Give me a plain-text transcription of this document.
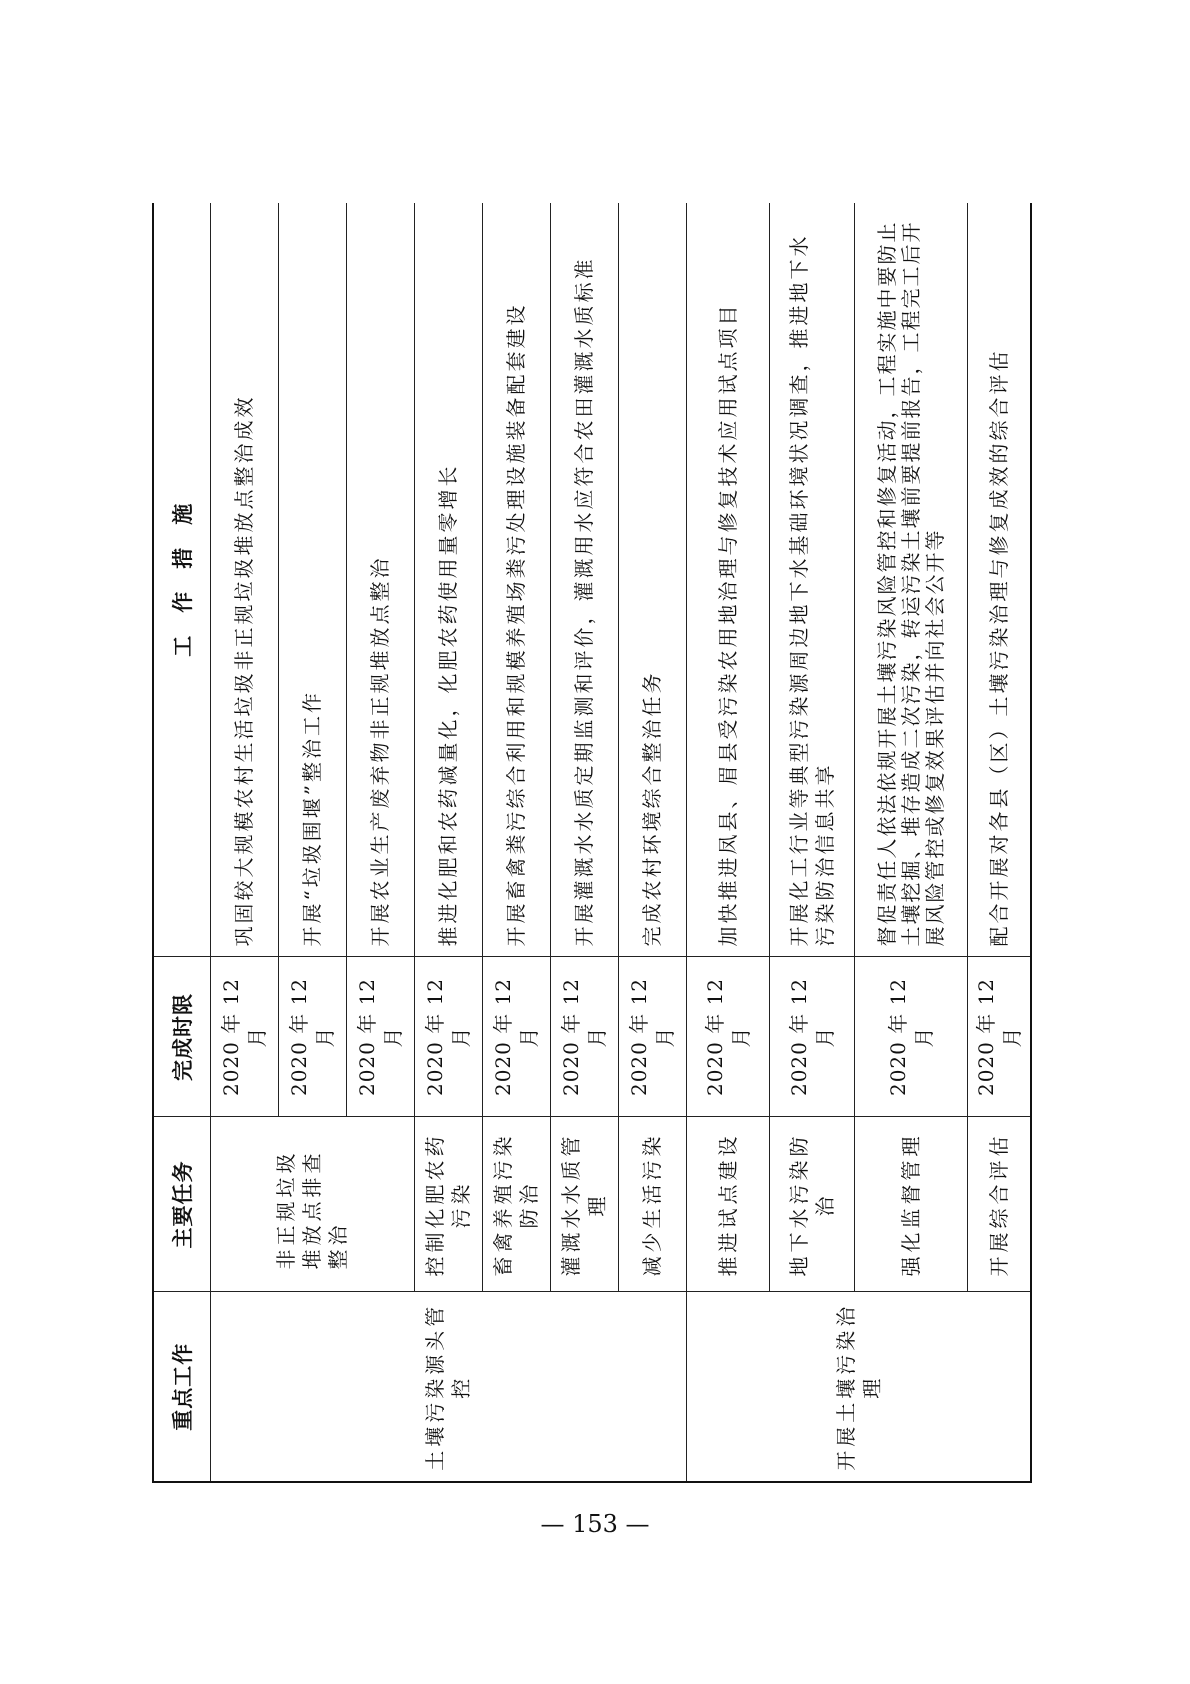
重点工作	主要任务	完成时限	工　作　措　施
土壤污染源头管控	非正规垃圾堆放点排查整治	2020 年 12 月	巩固较大规模农村生活垃圾非正规垃圾堆放点整治成效
		2020 年 12 月	开展“垃圾围堰”整治工作
		2020 年 12 月	开展农业生产废弃物非正规堆放点整治
	控制化肥农药污染	2020 年 12 月	推进化肥和农药减量化，化肥农药使用量零增长
	畜禽养殖污染防治	2020 年 12 月	开展畜禽粪污综合利用和规模养殖场粪污处理设施装备配套建设
	灌溉水水质管理	2020 年 12 月	开展灌溉水水质定期监测和评价，灌溉用水应符合农田灌溉水质标准
	减少生活污染	2020 年 12 月	完成农村环境综合整治任务
开展土壤污染治理	推进试点建设	2020 年 12 月	加快推进凤县、眉县受污染农用地治理与修复技术应用试点项目
	地下水污染防治	2020 年 12 月	开展化工行业等典型污染源周边地下水基础环境状况调查，推进地下水污染防治信息共享
	强化监督管理	2020 年 12 月	督促责任人依法依规开展土壤污染风险管控和修复活动，工程实施中要防止土壤挖掘、堆存造成二次污染，转运污染土壤前要提前报告，工程完工后开展风险管控或修复效果评估并向社会公开等
	开展综合评估	2020 年 12 月	配合开展对各县（区）土壤污染治理与修复成效的综合评估
— 153 —
